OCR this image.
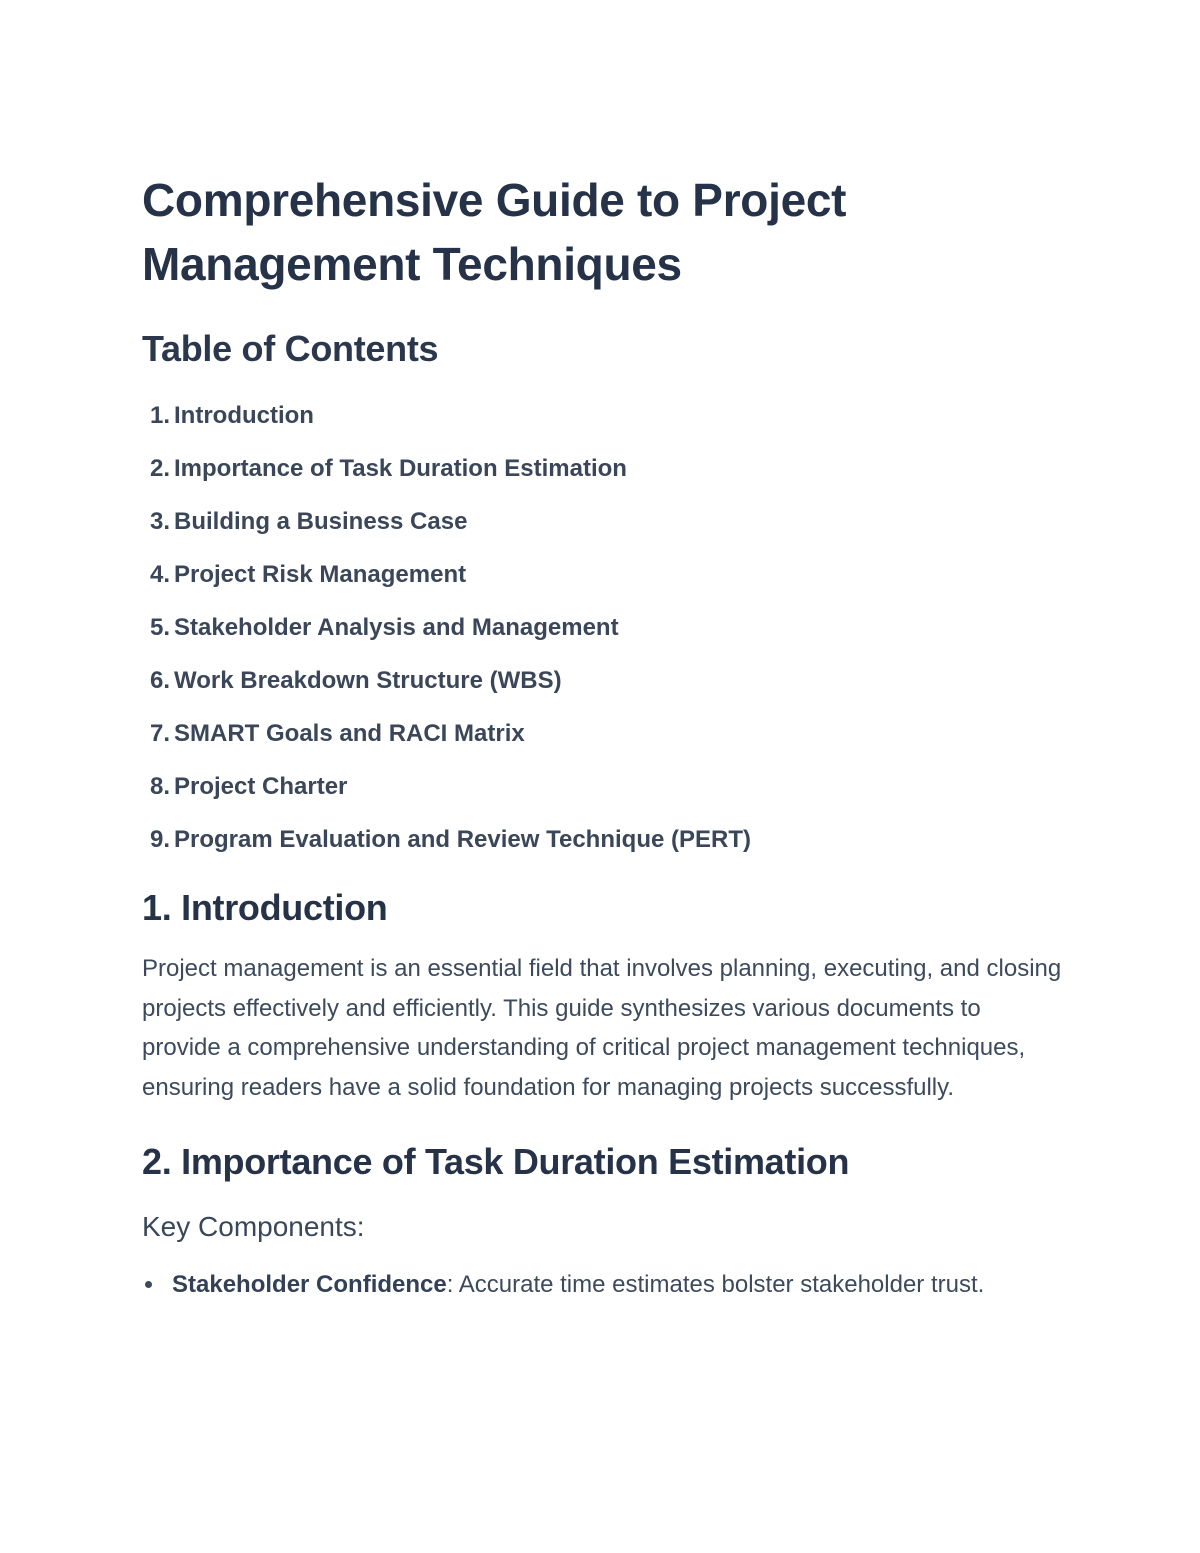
Comprehensive Guide to Project
Management Techniques
Table of Contents
1. Introduction
2. Importance of Task Duration Estimation
3. Building a Business Case
4. Project Risk Management
5. Stakeholder Analysis and Management
6. Work Breakdown Structure (WBS)
7. SMART Goals and RACI Matrix
8. Project Charter
9. Program Evaluation and Review Technique (PERT)
1. Introduction

Project management is an essential field that involves planning, executing, and closing projects effectively and efficiently. This guide synthesizes various documents to provide a comprehensive understanding of critical project management techniques, ensuring readers have a solid foundation for managing projects successfully.

2. Importance of Task Duration Estimation
Key Components:
Stakeholder Confidence: Accurate time estimates bolster stakeholder trust.
